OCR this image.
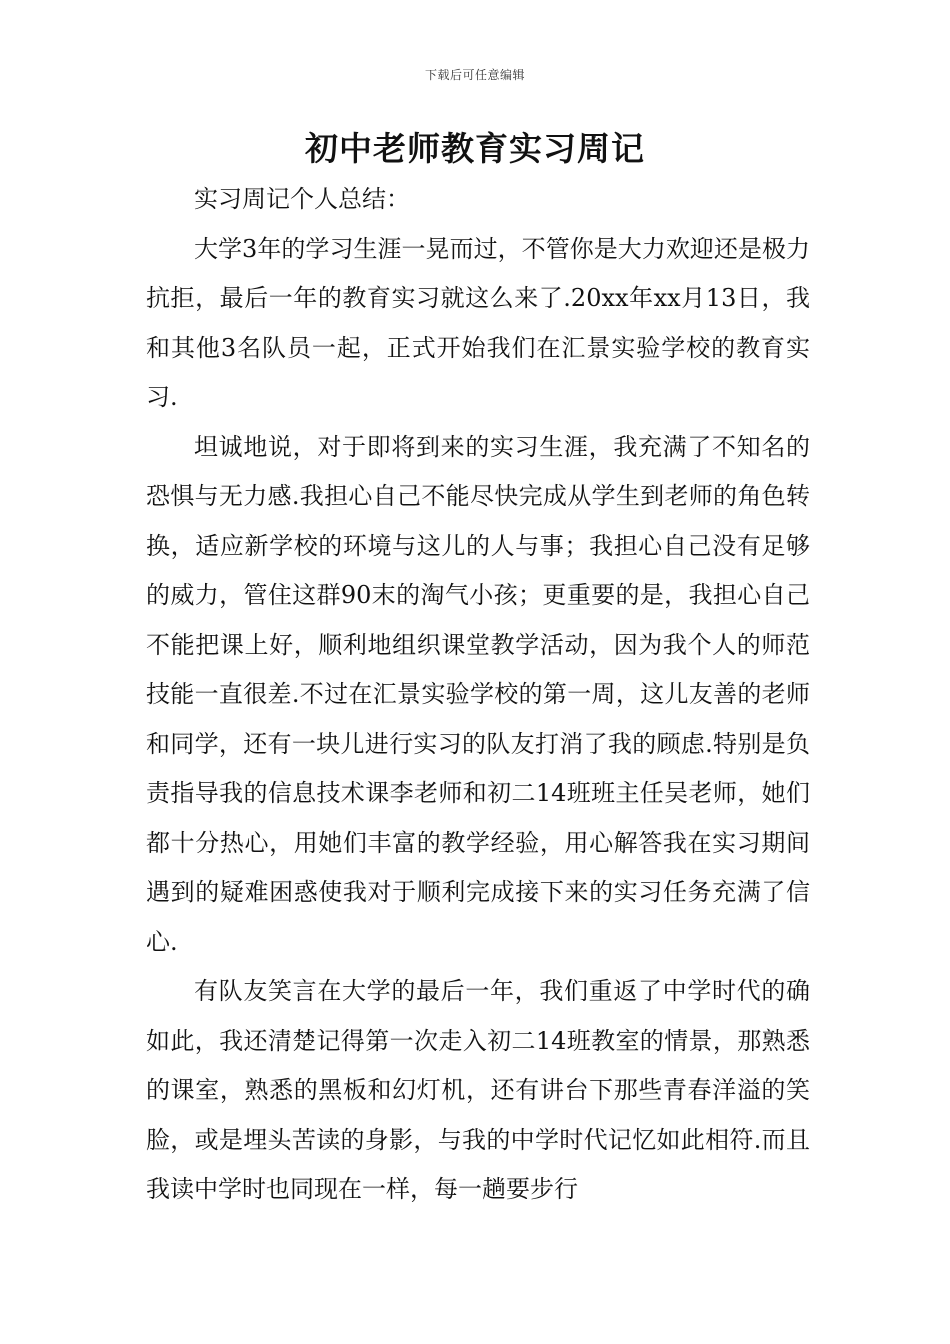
下载后可任意编辑
初中老师教育实习周记

实习周记个人总结：

大学3年的学习生涯一晃而过，不管你是大力欢迎还是极力抗拒，最后一年的教育实习就这么来了.20xx年xx月13日，我和其他3名队员一起，正式开始我们在汇景实验学校的教育实习.

坦诚地说，对于即将到来的实习生涯，我充满了不知名的恐惧与无力感.我担心自己不能尽快完成从学生到老师的角色转换，适应新学校的环境与这儿的人与事；我担心自己没有足够的威力，管住这群90末的淘气小孩；更重要的是，我担心自己不能把课上好，顺利地组织课堂教学活动，因为我个人的师范技能一直很差.不过在汇景实验学校的第一周，这儿友善的老师和同学，还有一块儿进行实习的队友打消了我的顾虑.特别是负责指导我的信息技术课李老师和初二14班班主任吴老师，她们都十分热心，用她们丰富的教学经验，用心解答我在实习期间遇到的疑难困惑使我对于顺利完成接下来的实习任务充满了信心.

有队友笑言在大学的最后一年，我们重返了中学时代的确如此，我还清楚记得第一次走入初二14班教室的情景，那熟悉的课室，熟悉的黑板和幻灯机，还有讲台下那些青春洋溢的笑脸，或是埋头苦读的身影，与我的中学时代记忆如此相符.而且我读中学时也同现在一样，每一趟要步行
